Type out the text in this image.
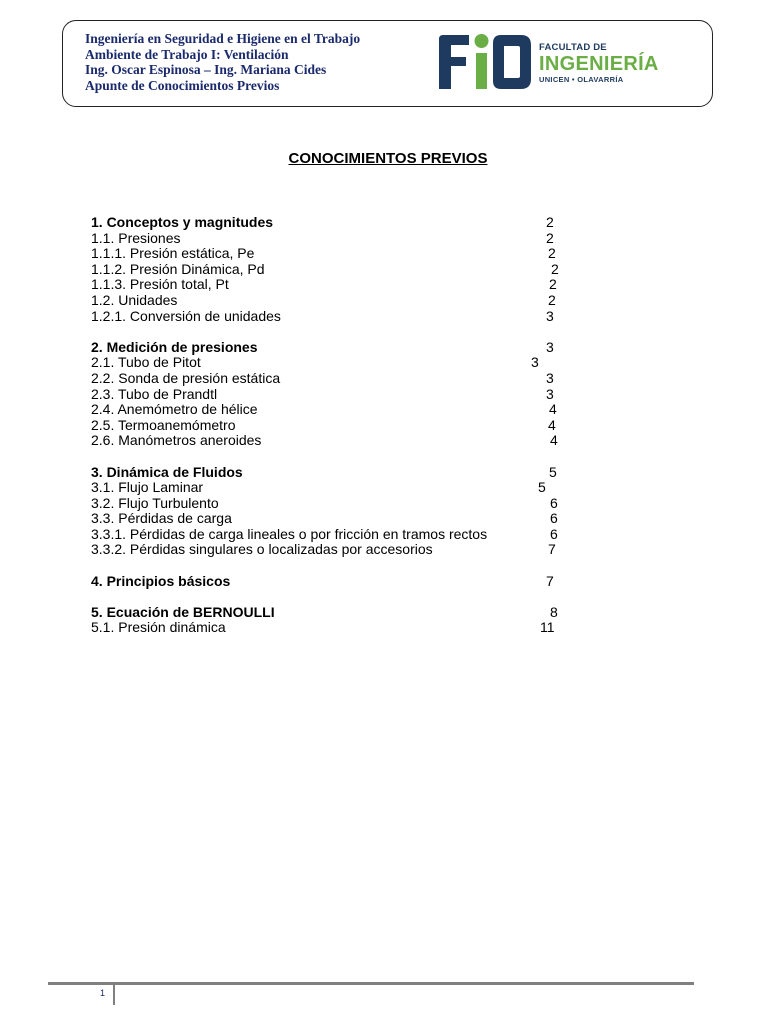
Ingeniería en Seguridad e Higiene en el Trabajo
Ambiente de Trabajo I: Ventilación
Ing. Oscar Espinosa – Ing. Mariana Cides
Apunte de Conocimientos Previos
FACULTAD DE
INGENIERÍA
UNICEN • OLAVARRÍA
CONOCIMIENTOS PREVIOS
1. Conceptos y magnitudes	2
1.1. Presiones	2
1.1.1. Presión estática, Pe	2
1.1.2. Presión Dinámica, Pd	2
1.1.3. Presión total, Pt	2
1.2. Unidades	2
1.2.1. Conversión de unidades	3
2. Medición de presiones	3
2.1. Tubo de Pitot	3
2.2. Sonda de presión estática	3
2.3. Tubo de Prandtl	3
2.4. Anemómetro de hélice	4
2.5. Termoanemómetro	4
2.6. Manómetros aneroides	4
3. Dinámica de Fluidos	5
3.1. Flujo Laminar	5
3.2. Flujo Turbulento	6
3.3. Pérdidas de carga	6
3.3.1. Pérdidas de carga lineales o por fricción en tramos rectos	6
3.3.2. Pérdidas singulares o localizadas por accesorios	7
4. Principios básicos	7
5. Ecuación de BERNOULLI	8
5.1. Presión dinámica	11
1
